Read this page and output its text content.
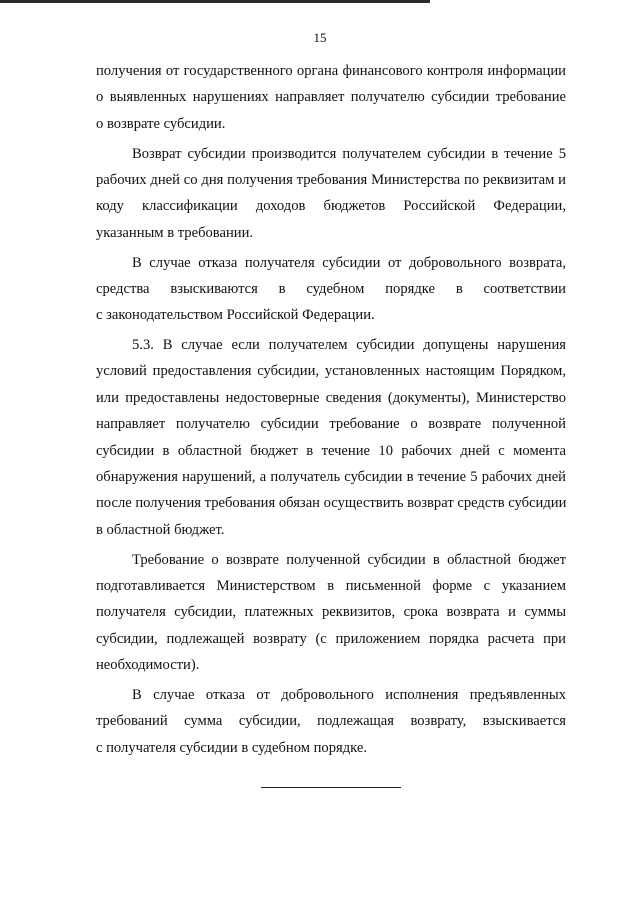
15
получения от государственного органа финансового контроля информации
о выявленных нарушениях направляет получателю субсидии требование
о возврате субсидии.
Возврат субсидии производится получателем субсидии в течение 5
рабочих дней со дня получения требования Министерства по реквизитам и
коду классификации доходов бюджетов Российской Федерации,
указанным в требовании.
В случае отказа получателя субсидии от добровольного возврата,
средства взыскиваются в судебном порядке в соответствии
с законодательством Российской Федерации.
5.3. В случае если получателем субсидии допущены нарушения
условий предоставления субсидии, установленных настоящим Порядком,
или предоставлены недостоверные сведения (документы), Министерство
направляет получателю субсидии требование о возврате полученной
субсидии в областной бюджет в течение 10 рабочих дней с момента
обнаружения нарушений, а получатель субсидии в течение 5 рабочих дней
после получения требования обязан осуществить возврат средств субсидии
в областной бюджет.
Требование о возврате полученной субсидии в областной бюджет
подготавливается Министерством в письменной форме с указанием
получателя субсидии, платежных реквизитов, срока возврата и суммы
субсидии, подлежащей возврату (с приложением порядка расчета при
необходимости).
В случае отказа от добровольного исполнения предъявленных
требований сумма субсидии, подлежащая возврату, взыскивается
с получателя субсидии в судебном порядке.
